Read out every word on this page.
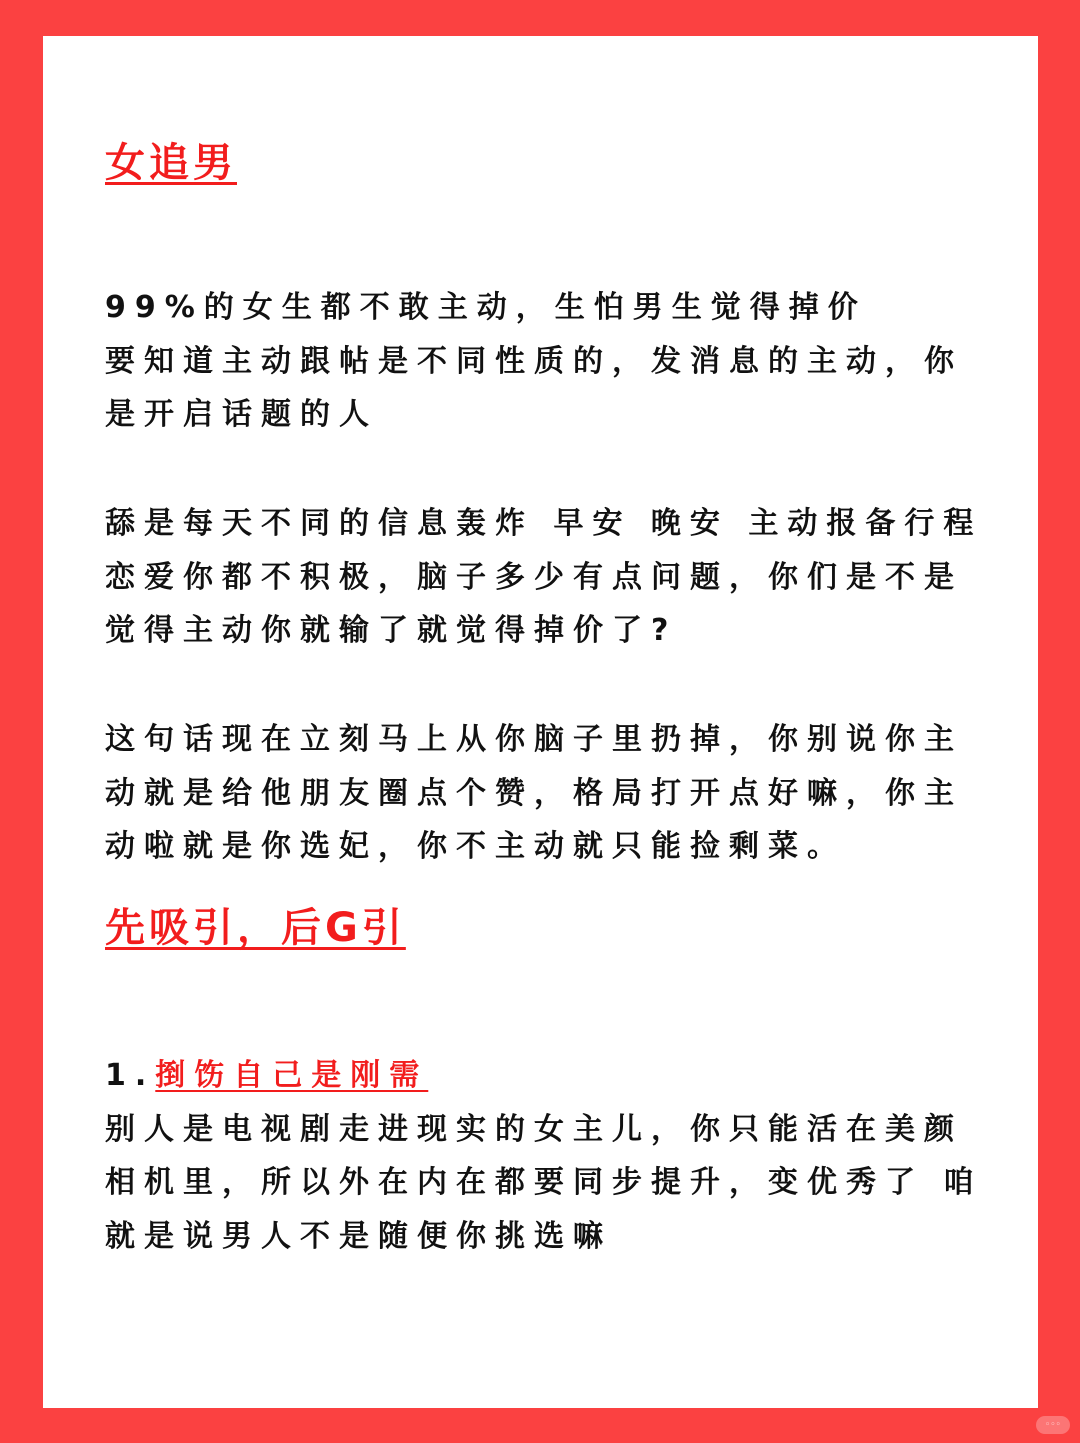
女追男

99%的女生都不敢主动，生怕男生觉得掉价
要知道主动跟帖是不同性质的，发消息的主动，你
是开启话题的人

舔是每天不同的信息轰炸 早安 晚安 主动报备行程
恋爱你都不积极，脑子多少有点问题，你们是不是
觉得主动你就输了就觉得掉价了?

这句话现在立刻马上从你脑子里扔掉，你别说你主
动就是给他朋友圈点个赞，格局打开点好嘛，你主
动啦就是你选妃，你不主动就只能捡剩菜。

先吸引，后G引

1.捯饬自己是刚需
别人是电视剧走进现实的女主儿，你只能活在美颜
相机里，所以外在内在都要同步提升，变优秀了 咱
就是说男人不是随便你挑选嘛

◦◦◦
